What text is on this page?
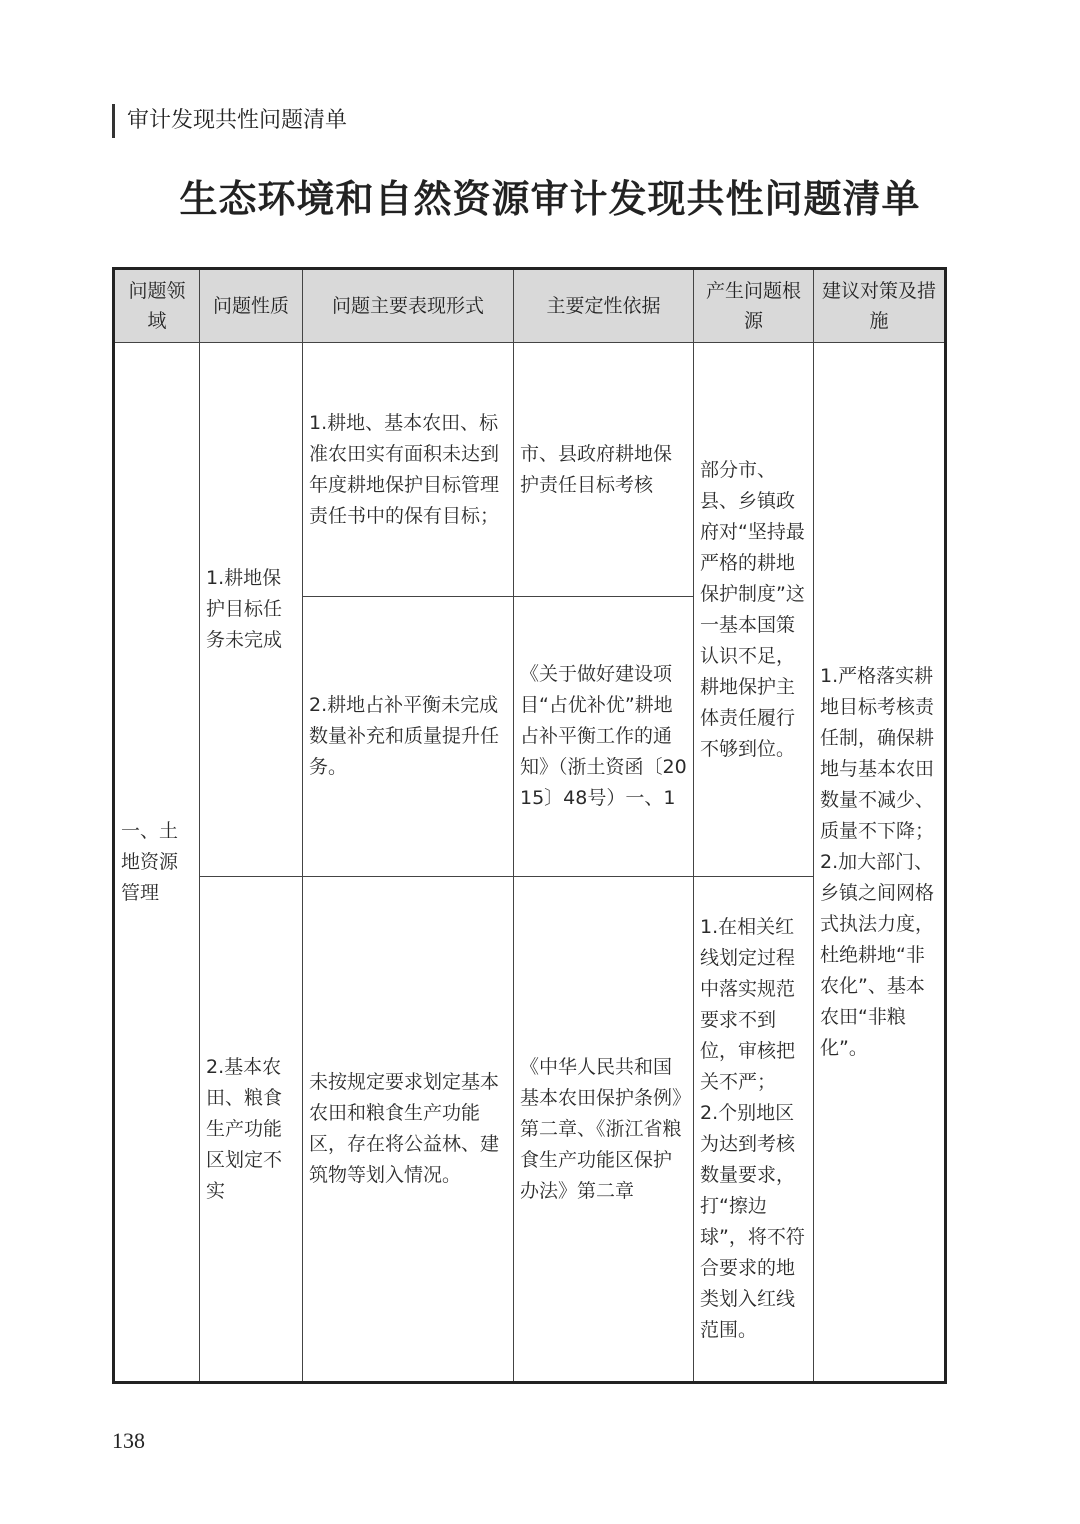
审计发现共性问题清单
生态环境和自然资源审计发现共性问题清单
问题领域	问题性质	问题主要表现形式	主要定性依据	产生问题根源	建议对策及措施
一、土地资源管理	1.耕地保护目标任务未完成	1.耕地、基本农田、标准农田实有面积未达到年度耕地保护目标管理责任书中的保有目标；	市、县政府耕地保护责任目标考核	部分市、县、乡镇政府对“坚持最严格的耕地保护制度”这一基本国策认识不足，耕地保护主体责任履行不够到位。	1.严格落实耕地目标考核责任制，确保耕地与基本农田数量不减少、质量不下降；
2.加大部门、乡镇之间网格式执法力度，杜绝耕地“非农化”、基本农田“非粮化”。
		2.耕地占补平衡未完成数量补充和质量提升任务。	《关于做好建设项目“占优补优”耕地占补平衡工作的通知》（浙土资函〔2015〕48号）一、1		
	2.基本农田、粮食生产功能区划定不实	未按规定要求划定基本农田和粮食生产功能区，存在将公益林、建筑物等划入情况。	《中华人民共和国基本农田保护条例》第二章、《浙江省粮食生产功能区保护办法》第二章	1.在相关红线划定过程中落实规范要求不到位，审核把关不严；
2.个别地区为达到考核数量要求，打“擦边球”，将不符合要求的地类划入红线范围。	
138
